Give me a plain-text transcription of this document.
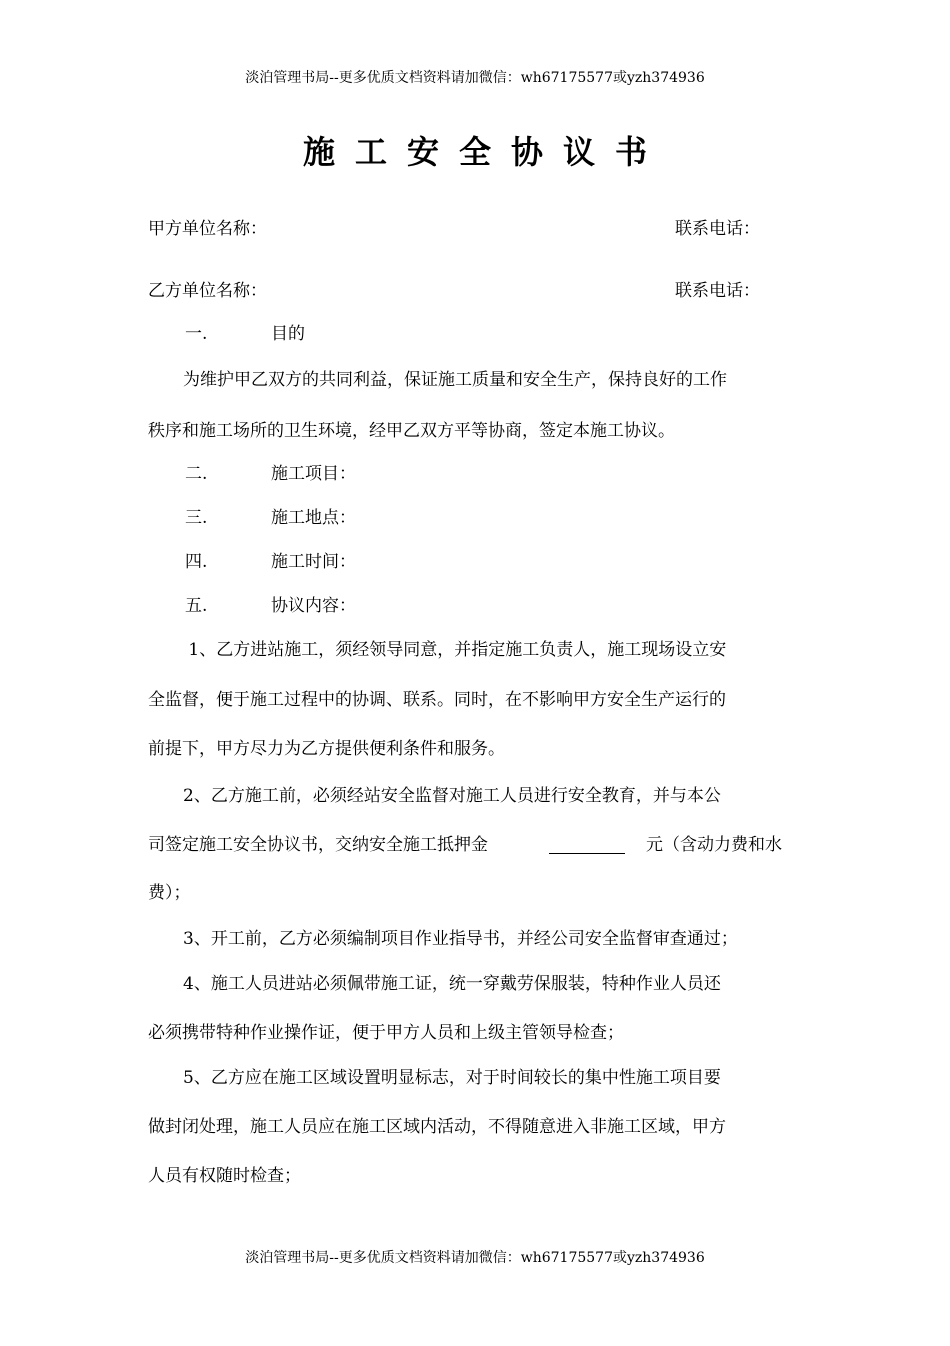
淡泊管理书局--更多优质文档资料请加微信：wh67175577或yzh374936
施工安全协议书
甲方单位名称：	联系电话：
乙方单位名称：	联系电话：
一.	目的
为维护甲乙双方的共同利益，保证施工质量和安全生产，保持良好的工作
秩序和施工场所的卫生环境，经甲乙双方平等协商，签定本施工协议。
二.	施工项目：
三.	施工地点：
四.	施工时间：
五.	协议内容：
1、乙方进站施工，须经领导同意，并指定施工负责人，施工现场设立安
全监督，便于施工过程中的协调、联系。同时，在不影响甲方安全生产运行的
前提下，甲方尽力为乙方提供便利条件和服务。
2、乙方施工前，必须经站安全监督对施工人员进行安全教育，并与本公
司签定施工安全协议书，交纳安全施工抵押金	元（含动力费和水
费）；
3、开工前，乙方必须编制项目作业指导书，并经公司安全监督审查通过；
4、施工人员进站必须佩带施工证，统一穿戴劳保服装，特种作业人员还
必须携带特种作业操作证，便于甲方人员和上级主管领导检查；
5、乙方应在施工区域设置明显标志，对于时间较长的集中性施工项目要
做封闭处理，施工人员应在施工区域内活动，不得随意进入非施工区域，甲方
人员有权随时检查；
淡泊管理书局--更多优质文档资料请加微信：wh67175577或yzh374936
